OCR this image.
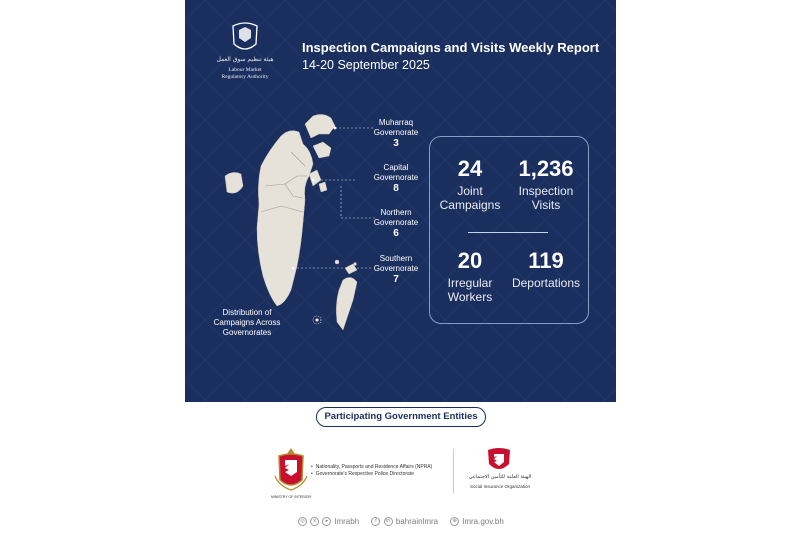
هيئة تنظيم سوق العمل
Labour Market
Regulatory Authority
Inspection Campaigns and Visits Weekly Report
14-20 September 2025
Muharraq
Governorate
3
Capital
Governorate
8
Northern
Governorate
6
Southern
Governorate
7
Distribution of
Campaigns Across
Governorates
24
Joint
Campaigns
1,236
Inspection
Visits
20
Irregular
Workers
119
Deportations
Participating Government Entities
MINISTRY OF INTERIOR
• Nationality, Passports and Residence Affairs (NPRA)
• Governorate's Respective Police Directorate	الهيئة العامة للتأمين الاجتماعي
Social Insurance Organization
◎ x ▸ lmrabh	f in bahrainlmra	⊕ lmra.gov.bh
